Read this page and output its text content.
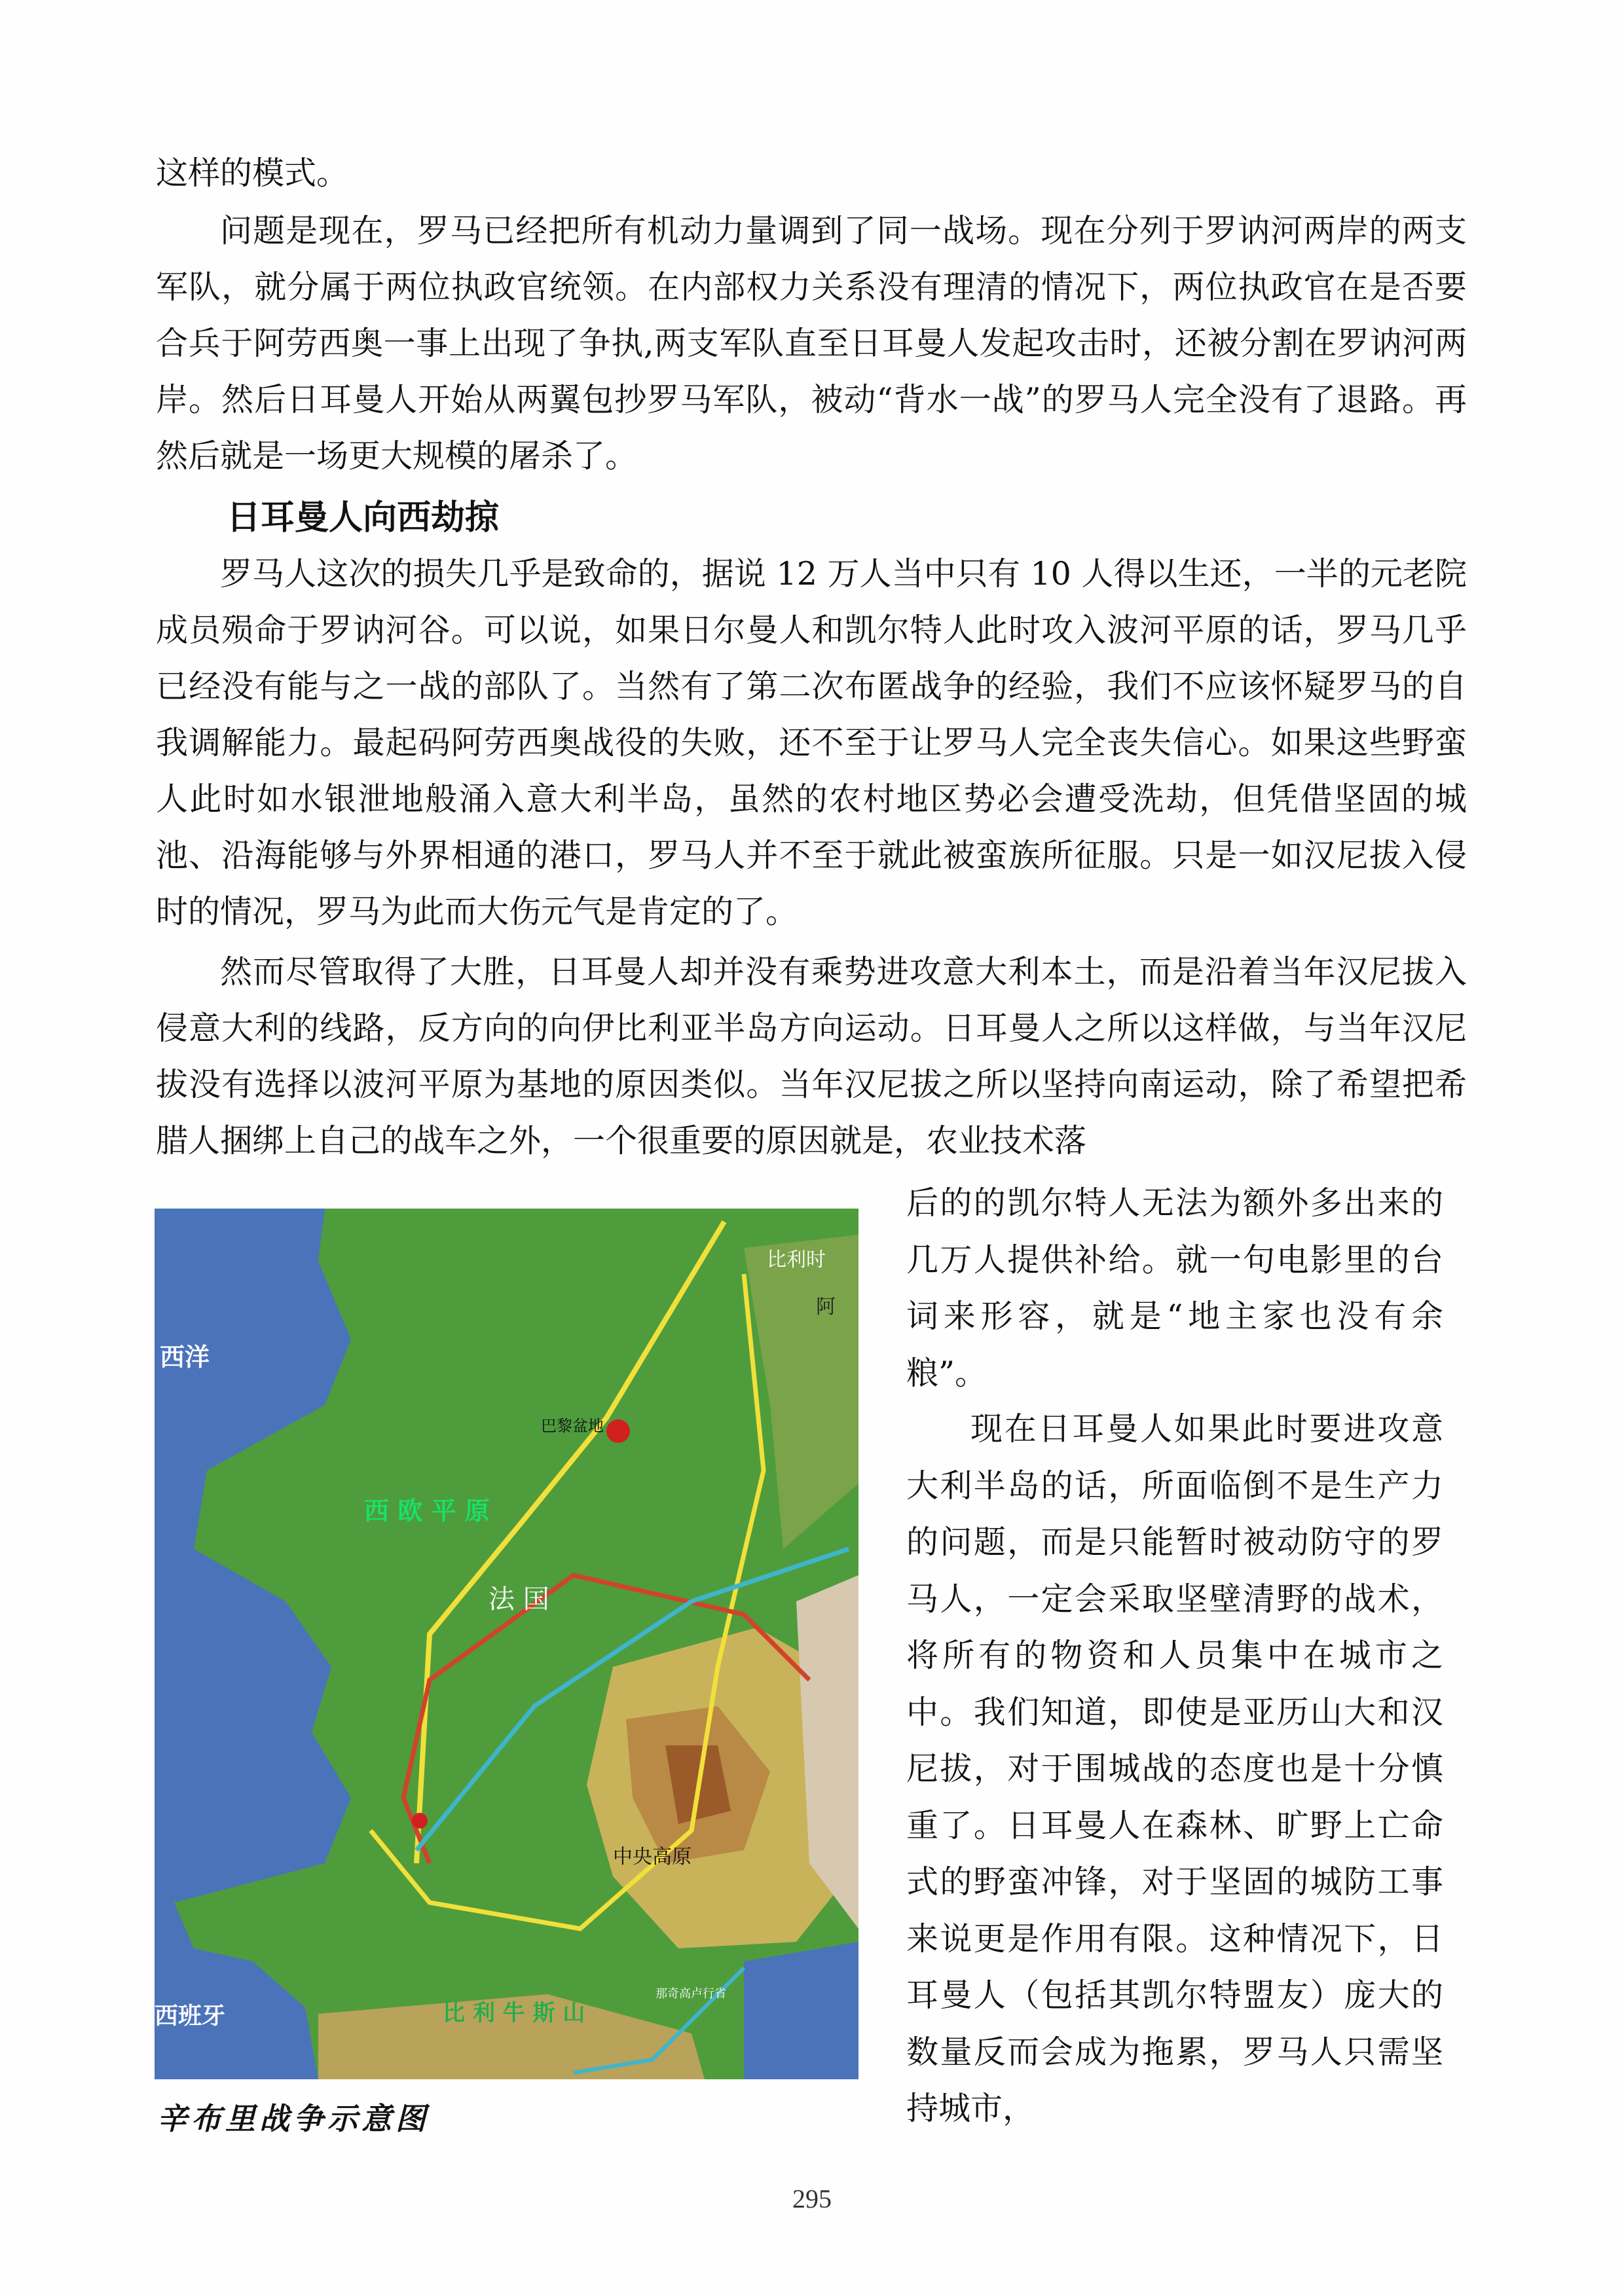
这样的模式。

问题是现在，罗马已经把所有机动力量调到了同一战场。现在分列于罗讷河两岸的两支军队，就分属于两位执政官统领。在内部权力关系没有理清的情况下，两位执政官在是否要合兵于阿劳西奥一事上出现了争执,两支军队直至日耳曼人发起攻击时，还被分割在罗讷河两岸。然后日耳曼人开始从两翼包抄罗马军队，被动“背水一战”的罗马人完全没有了退路。再然后就是一场更大规模的屠杀了。

日耳曼人向西劫掠

罗马人这次的损失几乎是致命的，据说 12 万人当中只有 10 人得以生还，一半的元老院成员殒命于罗讷河谷。可以说，如果日尔曼人和凯尔特人此时攻入波河平原的话，罗马几乎已经没有能与之一战的部队了。当然有了第二次布匿战争的经验，我们不应该怀疑罗马的自我调解能力。最起码阿劳西奥战役的失败，还不至于让罗马人完全丧失信心。如果这些野蛮人此时如水银泄地般涌入意大利半岛，虽然的农村地区势必会遭受洗劫，但凭借坚固的城池、沿海能够与外界相通的港口，罗马人并不至于就此被蛮族所征服。只是一如汉尼拔入侵时的情况，罗马为此而大伤元气是肯定的了。

然而尽管取得了大胜，日耳曼人却并没有乘势进攻意大利本土，而是沿着当年汉尼拔入侵意大利的线路，反方向的向伊比利亚半岛方向运动。日耳曼人之所以这样做，与当年汉尼拔没有选择以波河平原为基地的原因类似。当年汉尼拔之所以坚持向南运动，除了希望把希腊人捆绑上自己的战车之外，一个很重要的原因就是，农业技术落

后的的凯尔特人无法为额外多出来的几万人提供补给。就一句电影里的台词来形容，就是“地主家也没有余粮”。

现在日耳曼人如果此时要进攻意大利半岛的话，所面临倒不是生产力的问题，而是只能暂时被动防守的罗马人，一定会采取坚壁清野的战术，将所有的物资和人员集中在城市之中。我们知道，即使是亚历山大和汉尼拔，对于围城战的态度也是十分慎重了。日耳曼人在森林、旷野上亡命式的野蛮冲锋，对于坚固的城防工事来说更是作用有限。这种情况下，日耳曼人（包括其凯尔特盟友）庞大的数量反而会成为拖累，罗马人只需坚持城市，

西洋
比利时
阿
巴黎盆地
西 欧 平 原
法 国
中央高原
西班牙	比 利 牛 斯 山
那奇高卢行省
辛布里战争示意图
295
